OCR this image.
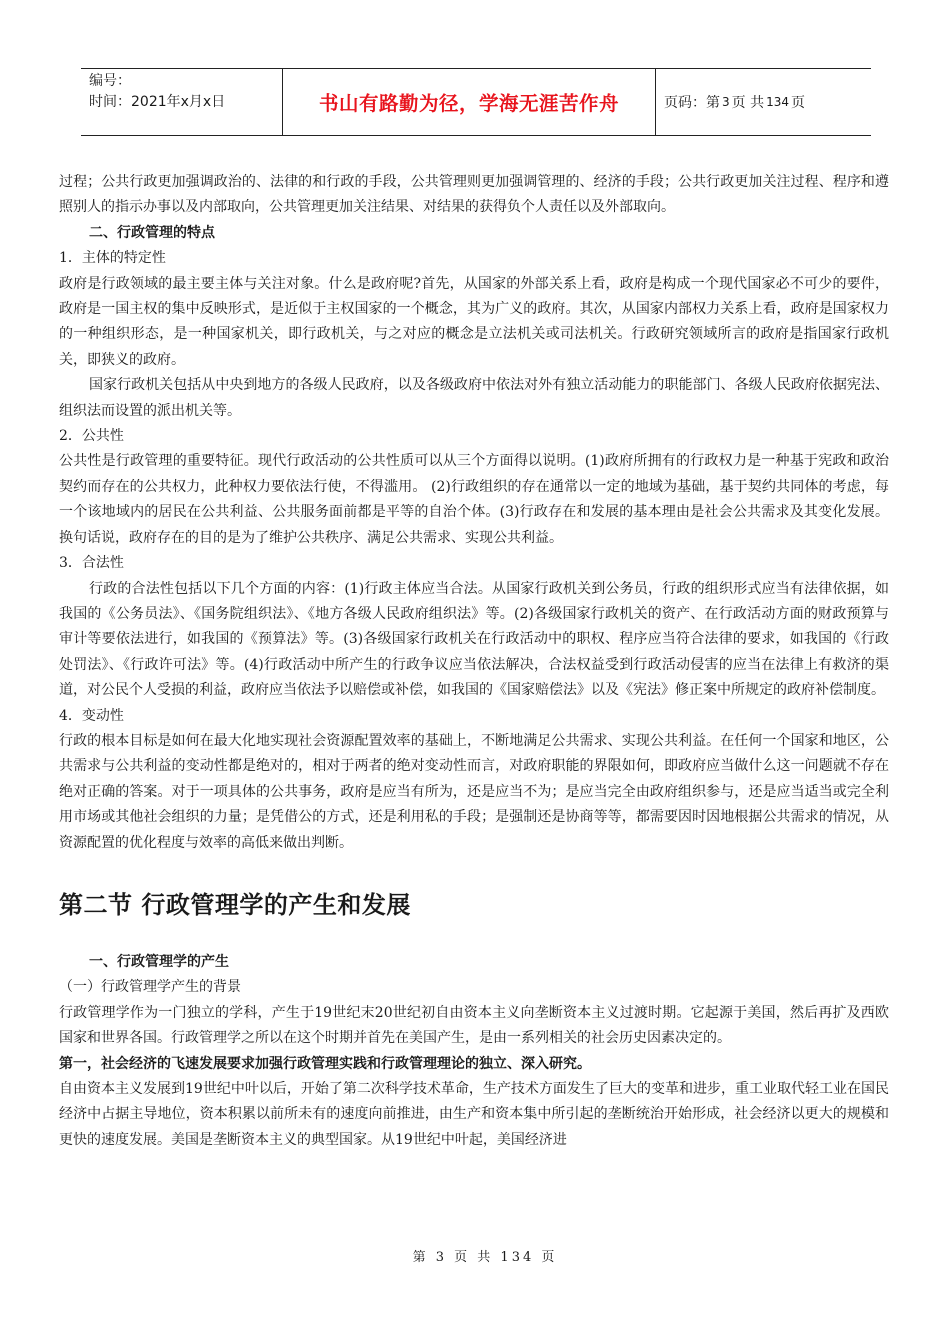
编号：
时间：2021年x月x日	书山有路勤为径，学海无涯苦作舟	页码：第 3 页 共 134 页

过程；公共行政更加强调政治的、法律的和行政的手段，公共管理则更加强调管理的、经济的手段；公共行政更加关注过程、程序和遵照别人的指示办事以及内部取向，公共管理更加关注结果、对结果的获得负个人责任以及外部取向。

二、行政管理的特点

1．主体的特定性

政府是行政领域的最主要主体与关注对象。什么是政府呢?首先，从国家的外部关系上看，政府是构成一个现代国家必不可少的要件，政府是一国主权的集中反映形式，是近似于主权国家的一个概念，其为广义的政府。其次，从国家内部权力关系上看，政府是国家权力的一种组织形态，是一种国家机关，即行政机关，与之对应的概念是立法机关或司法机关。行政研究领域所言的政府是指国家行政机关，即狭义的政府。

国家行政机关包括从中央到地方的各级人民政府，以及各级政府中依法对外有独立活动能力的职能部门、各级人民政府依据宪法、组织法而设置的派出机关等。

2．公共性

公共性是行政管理的重要特征。现代行政活动的公共性质可以从三个方面得以说明。(1)政府所拥有的行政权力是一种基于宪政和政治契约而存在的公共权力，此种权力要依法行使，不得滥用。 (2)行政组织的存在通常以一定的地域为基础，基于契约共同体的考虑，每一个该地域内的居民在公共利益、公共服务面前都是平等的自治个体。(3)行政存在和发展的基本理由是社会公共需求及其变化发展。换句话说，政府存在的目的是为了维护公共秩序、满足公共需求、实现公共利益。

3．合法性

行政的合法性包括以下几个方面的内容：(1)行政主体应当合法。从国家行政机关到公务员，行政的组织形式应当有法律依据，如我国的《公务员法》、《国务院组织法》、《地方各级人民政府组织法》等。(2)各级国家行政机关的资产、在行政活动方面的财政预算与审计等要依法进行，如我国的《预算法》等。(3)各级国家行政机关在行政活动中的职权、程序应当符合法律的要求，如我国的《行政处罚法》、《行政许可法》等。(4)行政活动中所产生的行政争议应当依法解决，合法权益受到行政活动侵害的应当在法律上有救济的渠道，对公民个人受损的利益，政府应当依法予以赔偿或补偿，如我国的《国家赔偿法》以及《宪法》修正案中所规定的政府补偿制度。

4．变动性

行政的根本目标是如何在最大化地实现社会资源配置效率的基础上，不断地满足公共需求、实现公共利益。在任何一个国家和地区，公共需求与公共利益的变动性都是绝对的，相对于两者的绝对变动性而言，对政府职能的界限如何，即政府应当做什么这一问题就不存在绝对正确的答案。对于一项具体的公共事务，政府是应当有所为，还是应当不为；是应当完全由政府组织参与，还是应当适当或完全利用市场或其他社会组织的力量；是凭借公的方式，还是利用私的手段；是强制还是协商等等，都需要因时因地根据公共需求的情况，从资源配置的优化程度与效率的高低来做出判断。

第二节 行政管理学的产生和发展

一、行政管理学的产生

（一）行政管理学产生的背景

行政管理学作为一门独立的学科，产生于19世纪末20世纪初自由资本主义向垄断资本主义过渡时期。它起源于美国，然后再扩及西欧国家和世界各国。行政管理学之所以在这个时期并首先在美国产生，是由一系列相关的社会历史因素决定的。

第一，社会经济的飞速发展要求加强行政管理实践和行政管理理论的独立、深入研究。

自由资本主义发展到19世纪中叶以后，开始了第二次科学技术革命，生产技术方面发生了巨大的变革和进步，重工业取代轻工业在国民经济中占据主导地位，资本积累以前所未有的速度向前推进，由生产和资本集中所引起的垄断统治开始形成，社会经济以更大的规模和更快的速度发展。美国是垄断资本主义的典型国家。从19世纪中叶起，美国经济进

第 3 页 共 134 页
